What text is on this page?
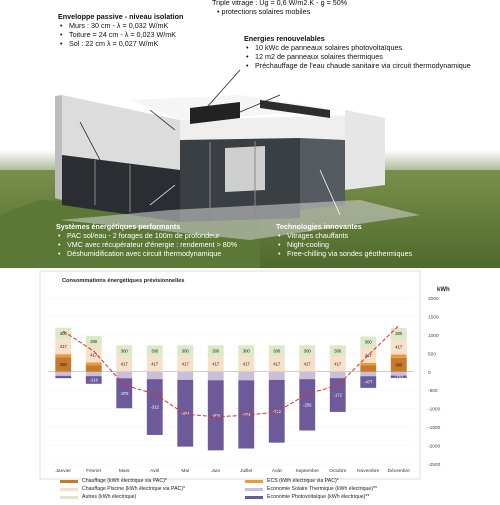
Triple vitrage : Ug = 0,6 W/m2.K - g = 50%
• protections solaires mobiles
Enveloppe passive - niveau isolation
• Murs : 30 cm - λ = 0,032 W/mK
• Toiture = 24 cm - λ = 0,023 W/mK
• Sol : 22 cm λ = 0,027 W/mK
Energies renouvelables
• 10 kWc de panneaux solaires photovoltaïques.
• 12 m2 de panneaux solaires thermiques
• Préchauffage de l'eau chaude sanitaire via circuit thermodynamique
Systèmes énergétiques performants
• PAC sol/eau - 2 forages de 100m de profondeur
• VMC avec récupérateur d'énergie : rendement > 80%
• Déshumidification avec circuit thermodynamique
Technologies innovantes
• Vitrages chauffants
• Night-cooling
• Free-chilling via sondes géothermiques
Consommations énergétiques prévisionnelles
kWh
2000
1500
1000
500
0
-500
-1000
-1500
-2000
-2500
388
417
300
417
300
-216
417
300
-375
417
300
-312
417
300
-404
417
300
-404
417
300
-404
417
300
-312
417
300
-256
417
300
-172
417
300
-477
380
417
300
-110
Janvier	Février	Mars	Avril	Mai	Juin	Juillet	Août	Septembre Octobre Novembre Décembre
Chauffage (kWh électrique via PAC)*	ECS (kWh électrique via PAC)*
Chauffage Piscine (kWh électrique via PAC)*	Economie Solaire Thermique (kWh électrique)**
Autres (kWh électrique)	Economie Photovoltaïque (kWh électrique)**
